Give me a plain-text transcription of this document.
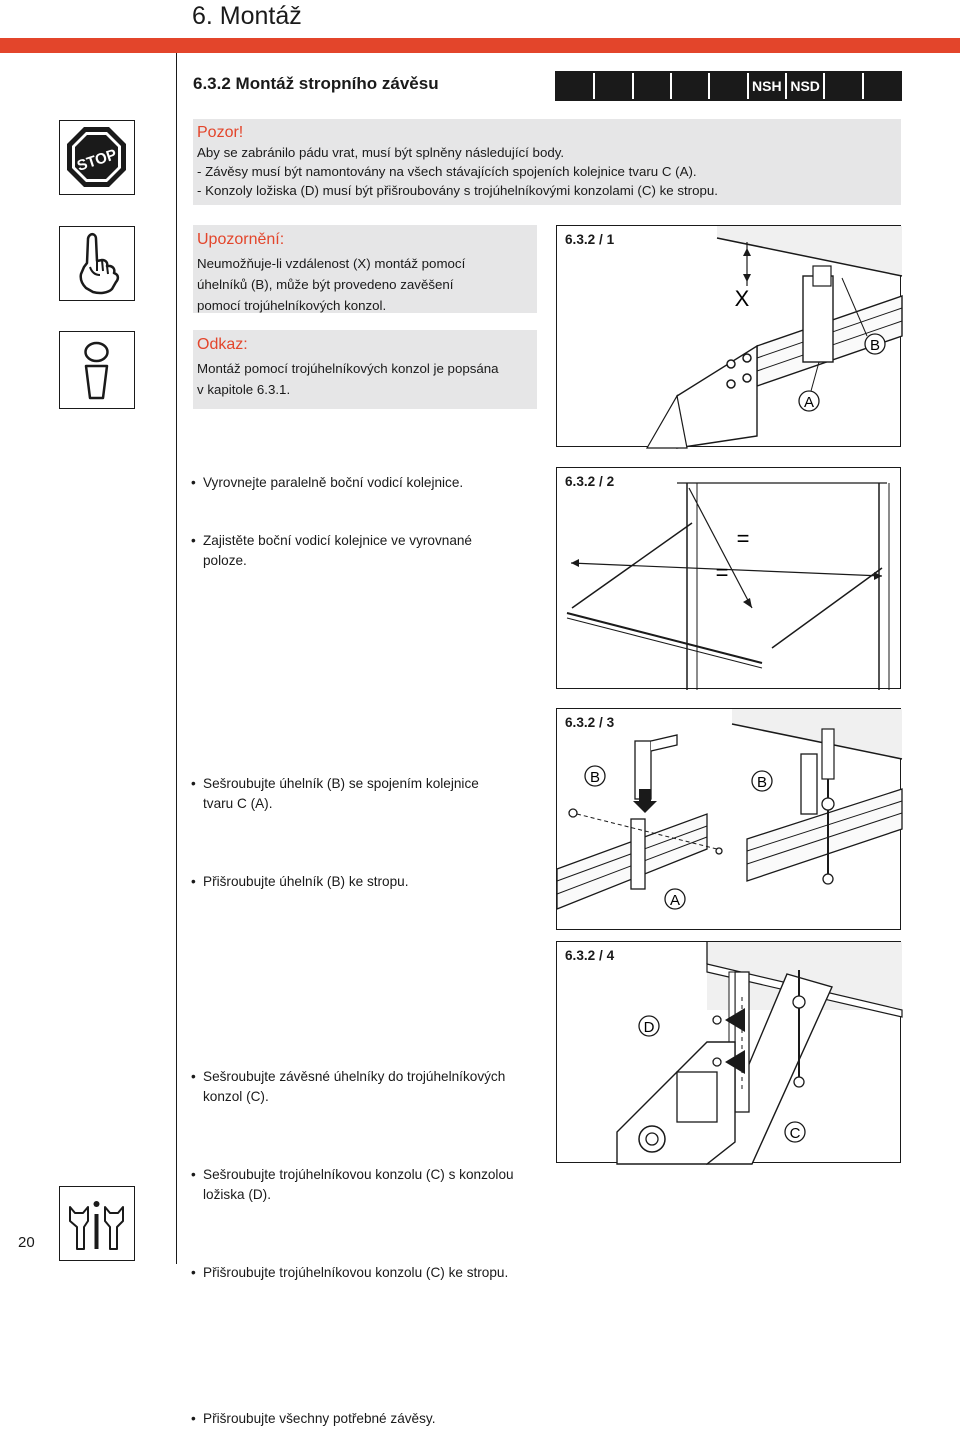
6. Montáž
6.3.2 Montáž stropního závěsu	NSH NSD
STOP
Pozor!
Aby se zabránilo pádu vrat, musí být splněny následující body.
- Závěsy musí být namontovány na všech stávajících spojeních kolejnice tvaru C (A).
- Konzoly ložiska (D) musí být přišroubovány s trojúhelníkovými konzolami (C) ke stropu.
Upozornění:
Neumožňuje-li vzdálenost (X) montáž pomocí
úhelníků (B), může být provedeno zavěšení
pomocí trojúhelníkových konzol.
Odkaz:
Montáž pomocí trojúhelníkových konzol je popsána
v kapitole 6.3.1.
6.3.2 / 1
X
A
B
• Vyrovnejte paralelně boční vodicí kolejnice.
• Zajistěte boční vodicí kolejnice ve vyrovnané
poloze.
6.3.2 / 2
=
=
• Sešroubujte úhelník (B) se spojením kolejnice
tvaru C (A).
• Přišroubujte úhelník (B) ke stropu.
6.3.2 / 3
B	B
A
• Sešroubujte závěsné úhelníky do trojúhelníkových
konzol (C).
• Sešroubujte trojúhelníkovou konzolu (C) s konzolou
ložiska (D).
• Přišroubujte trojúhelníkovou konzolu (C) ke stropu.
6.3.2 / 4
D
C
• Přišroubujte všechny potřebné závěsy.
20
